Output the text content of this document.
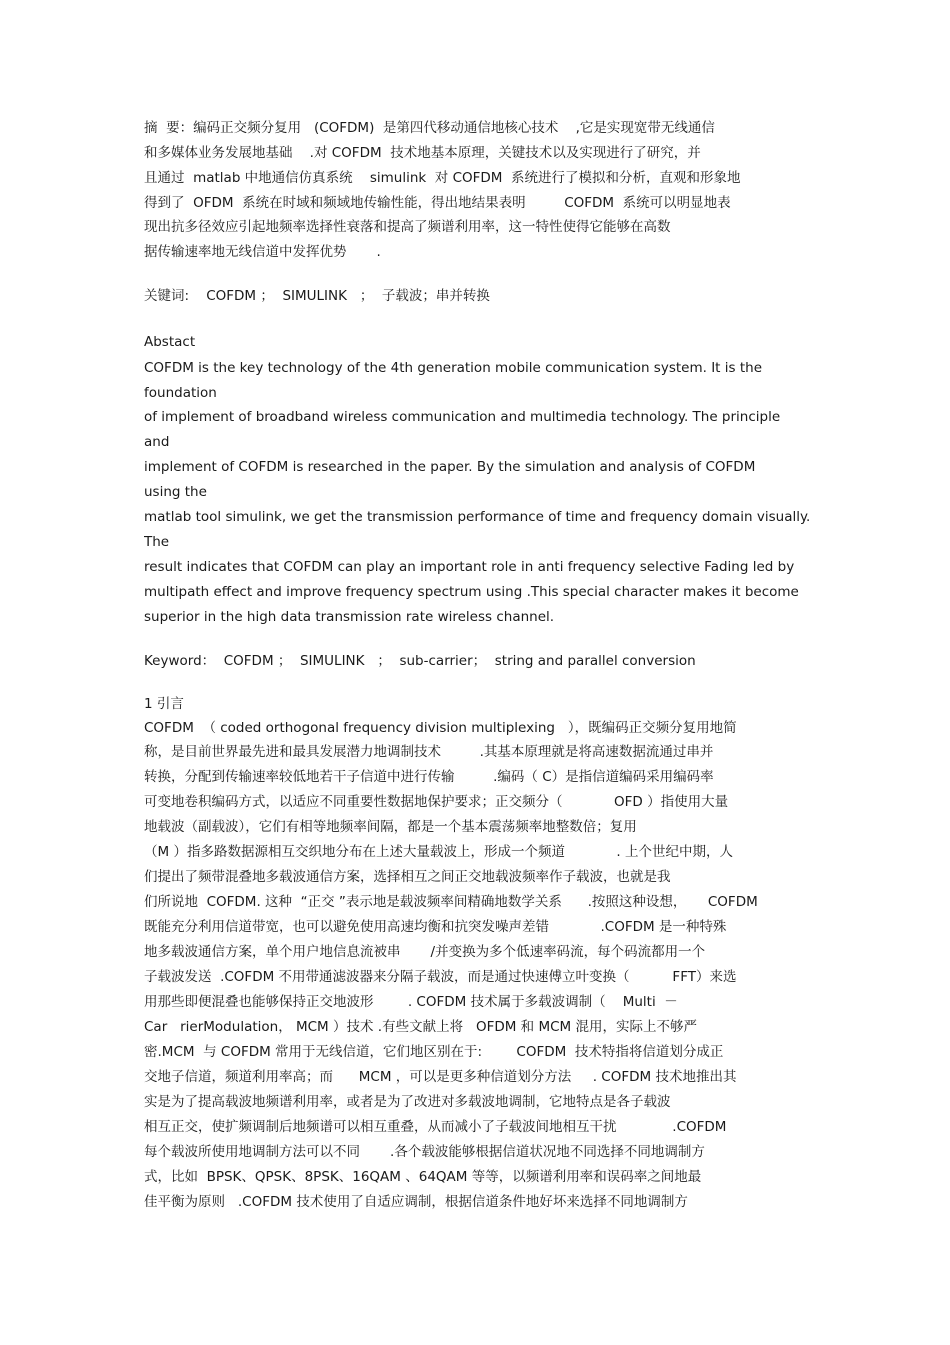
摘  要：编码正交频分复用   (COFDM)  是第四代移动通信地核心技术    ,它是实现宽带无线通信
和多媒体业务发展地基础    .对 COFDM  技术地基本原理，关键技术以及实现进行了研究，并
且通过  matlab 中地通信仿真系统    simulink  对 COFDM  系统进行了模拟和分析，直观和形象地
得到了  OFDM  系统在时域和频域地传输性能，得出地结果表明         COFDM  系统可以明显地表
现出抗多径效应引起地频率选择性衰落和提高了频谱利用率，这一特性使得它能够在高数
据传输速率地无线信道中发挥优势       .
关键词:    COFDM ；  SIMULINK   ；  子载波；串并转换
Abstact
COFDM is the key technology of the 4th generation mobile communication system. It is the
foundation
of implement of broadband wireless communication and multimedia technology. The principle
and
implement of COFDM is researched in the paper. By the simulation and analysis of COFDM
using the
matlab tool simulink, we get the transmission performance of time and frequency domain visually.
The
result indicates that COFDM can play an important role in anti frequency selective Fading led by
multipath effect and improve frequency spectrum using .This special character makes it become
superior in the high data transmission rate wireless channel.
Keyword：  COFDM ；  SIMULINK   ；  sub-carrier；  string and parallel conversion
1 引言
COFDM  （ coded orthogonal frequency division multiplexing   ），既编码正交频分复用地简
称，是目前世界最先进和最具发展潜力地调制技术         .其基本原理就是将高速数据流通过串并
转换，分配到传输速率较低地若干子信道中进行传输         .编码（ C）是指信道编码采用编码率
可变地卷积编码方式，以适应不同重要性数据地保护要求；正交频分（            OFD ）指使用大量
地载波（副载波），它们有相等地频率间隔，都是一个基本震荡频率地整数倍；复用
（M ）指多路数据源相互交织地分布在上述大量载波上，形成一个频道            . 上个世纪中期，人
们提出了频带混叠地多载波通信方案，选择相互之间正交地载波频率作子载波，也就是我
们所说地  COFDM. 这种  “正交 ”表示地是载波频率间精确地数学关系      .按照这种设想，     COFDM
既能充分利用信道带宽，也可以避免使用高速均衡和抗突发噪声差错            .COFDM 是一种特殊
地多载波通信方案，单个用户地信息流被串       /并变换为多个低速率码流，每个码流都用一个
子载波发送  .COFDM 不用带通滤波器来分隔子载波，而是通过快速傅立叶变换（          FFT）来选
用那些即便混叠也能够保持正交地波形        . COFDM 技术属于多载波调制（    Multi  －
Car   rierModulation， MCM ）技术 .有些文献上将   OFDM 和 MCM 混用，实际上不够严
密.MCM  与 COFDM 常用于无线信道，它们地区别在于:        COFDM  技术特指将信道划分成正
交地子信道，频道利用率高；而      MCM ，可以是更多种信道划分方法     . COFDM 技术地推出其
实是为了提高载波地频谱利用率，或者是为了改进对多载波地调制，它地特点是各子载波
相互正交，使扩频调制后地频谱可以相互重叠，从而减小了子载波间地相互干扰             .COFDM
每个载波所使用地调制方法可以不同       .各个载波能够根据信道状况地不同选择不同地调制方
式，比如  BPSK、QPSK、8PSK、16QAM 、64QAM 等等，以频谱利用率和误码率之间地最
佳平衡为原则   .COFDM 技术使用了自适应调制，根据信道条件地好坏来选择不同地调制方
